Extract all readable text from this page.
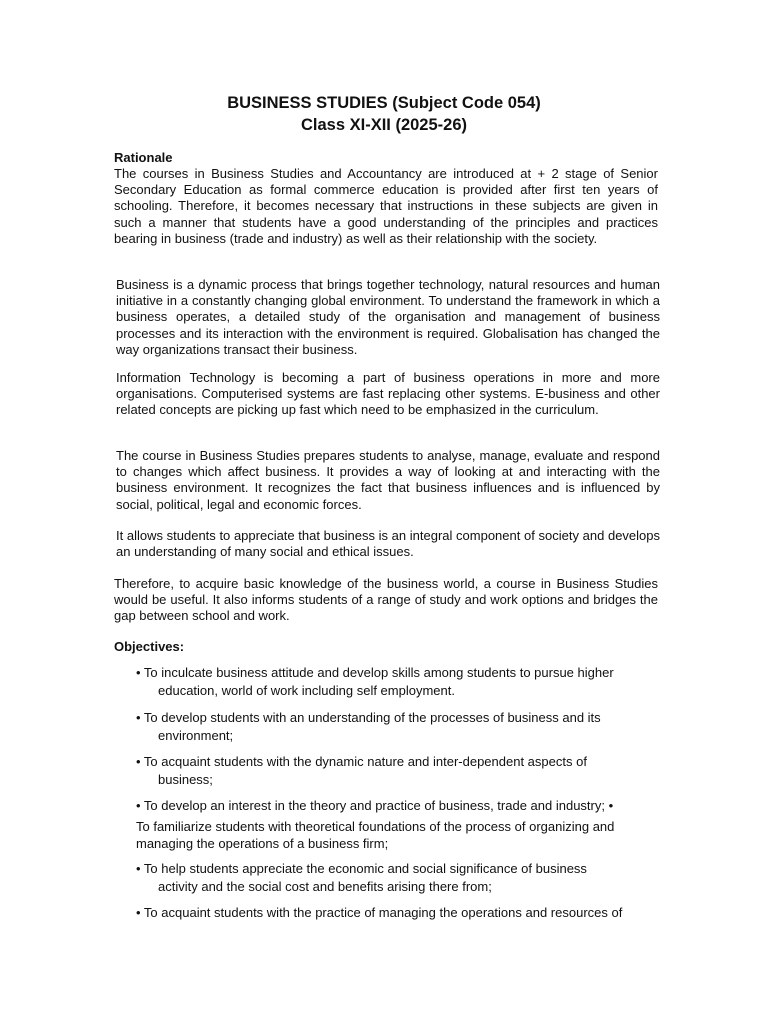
BUSINESS STUDIES (Subject Code 054)
Class XI-XII (2025-26)
Rationale

The courses in Business Studies and Accountancy are introduced at + 2 stage of Senior Secondary Education as formal commerce education is provided after first ten years of schooling. Therefore, it becomes necessary that instructions in these subjects are given in such a manner that students have a good understanding of the principles and practices bearing in business (trade and industry) as well as their relationship with the society.

Business is a dynamic process that brings together technology, natural resources and human initiative in a constantly changing global environment. To understand the framework in which a business operates, a detailed study of the organisation and management of business processes and its interaction with the environment is required. Globalisation has changed the way organizations transact their business.

Information Technology is becoming a part of business operations in more and more organisations. Computerised systems are fast replacing other systems. E-business and other related concepts are picking up fast which need to be emphasized in the curriculum.

The course in Business Studies prepares students to analyse, manage, evaluate and respond to changes which affect business. It provides a way of looking at and interacting with the business environment. It recognizes the fact that business influences and is influenced by social, political, legal and economic forces.

It allows students to appreciate that business is an integral component of society and develops an understanding of many social and ethical issues.

Therefore, to acquire basic knowledge of the business world, a course in Business Studies would be useful. It also informs students of a range of study and work options and bridges the gap between school and work.

Objectives:
• To inculcate business attitude and develop skills among students to pursue higher
education, world of work including self employment.
• To develop students with an understanding of the processes of business and its
environment;
• To acquaint students with the dynamic nature and inter-dependent aspects of
business;
• To develop an interest in the theory and practice of business, trade and industry; •

To familiarize students with theoretical foundations of the process of organizing and
managing the operations of a business firm;

• To help students appreciate the economic and social significance of business
activity and the social cost and benefits arising there from;
• To acquaint students with the practice of managing the operations and resources of
